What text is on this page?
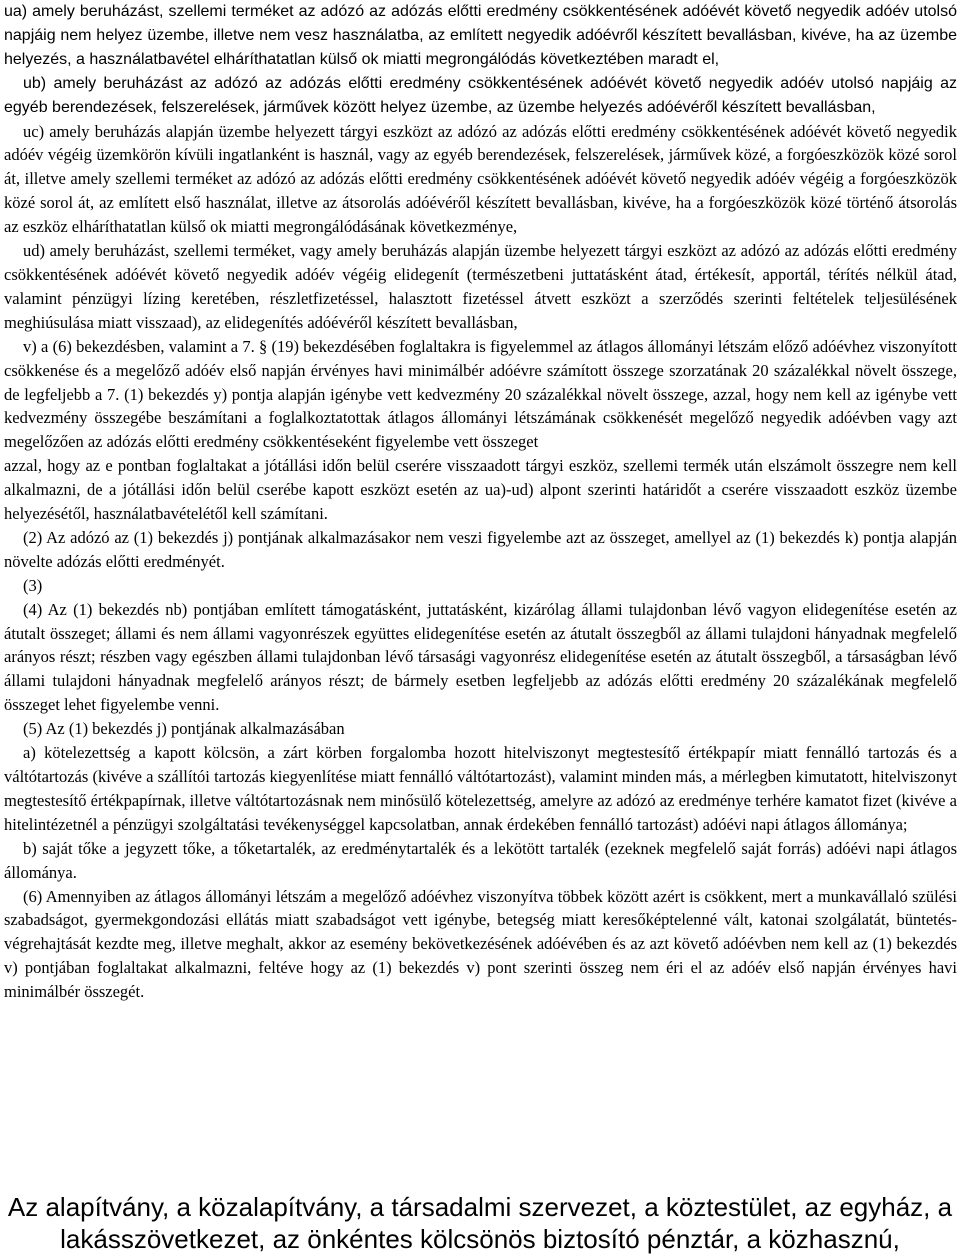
ua) amely beruházást, szellemi terméket az adózó az adózás előtti eredmény csökkentésének adóévét követő negyedik adóév utolsó napjáig nem helyez üzembe, illetve nem vesz használatba, az említett negyedik adóévről készített bevallásban, kivéve, ha az üzembe helyezés, a használatbavétel elháríthatatlan külső ok miatti megrongálódás következtében maradt el,

ub) amely beruházást az adózó az adózás előtti eredmény csökkentésének adóévét követő negyedik adóév utolsó napjáig az egyéb berendezések, felszerelések, járművek között helyez üzembe, az üzembe helyezés adóévéről készített bevallásban,

uc) amely beruházás alapján üzembe helyezett tárgyi eszközt az adózó az adózás előtti eredmény csökkentésének adóévét követő negyedik adóév végéig üzemkörön kívüli ingatlanként is használ, vagy az egyéb berendezések, felszerelések, járművek közé, a forgóeszközök közé sorol át, illetve amely szellemi terméket az adózó az adózás előtti eredmény csökkentésének adóévét követő negyedik adóév végéig a forgóeszközök közé sorol át, az említett első használat, illetve az átsorolás adóévéről készített bevallásban, kivéve, ha a forgóeszközök közé történő átsorolás az eszköz elháríthatatlan külső ok miatti megrongálódásának következménye,

ud) amely beruházást, szellemi terméket, vagy amely beruházás alapján üzembe helyezett tárgyi eszközt az adózó az adózás előtti eredmény csökkentésének adóévét követő negyedik adóév végéig elidegenít (természetbeni juttatásként átad, értékesít, apportál, térítés nélkül átad, valamint pénzügyi lízing keretében, részletfizetéssel, halasztott fizetéssel átvett eszközt a szerződés szerinti feltételek teljesülésének meghiúsulása miatt visszaad), az elidegenítés adóévéről készített bevallásban,

v) a (6) bekezdésben, valamint a 7. § (19) bekezdésében foglaltakra is figyelemmel az átlagos állományi létszám előző adóévhez viszonyított csökkenése és a megelőző adóév első napján érvényes havi minimálbér adóévre számított összege szorzatának 20 százalékkal növelt összege, de legfeljebb a 7. (1) bekezdés y) pontja alapján igénybe vett kedvezmény 20 százalékkal növelt összege, azzal, hogy nem kell az igénybe vett kedvezmény összegébe beszámítani a foglalkoztatottak átlagos állományi létszámának csökkenését megelőző negyedik adóévben vagy azt megelőzően az adózás előtti eredmény csökkentéseként figyelembe vett összeget

azzal, hogy az e pontban foglaltakat a jótállási időn belül cserére visszaadott tárgyi eszköz, szellemi termék után elszámolt összegre nem kell alkalmazni, de a jótállási időn belül cserébe kapott eszközt esetén az ua)-ud) alpont szerinti határidőt a cserére visszaadott eszköz üzembe helyezésétől, használatbavételétől kell számítani.

(2) Az adózó az (1) bekezdés j) pontjának alkalmazásakor nem veszi figyelembe azt az összeget, amellyel az (1) bekezdés k) pontja alapján növelte adózás előtti eredményét.

(3)

(4) Az (1) bekezdés nb) pontjában említett támogatásként, juttatásként, kizárólag állami tulajdonban lévő vagyon elidegenítése esetén az átutalt összeget; állami és nem állami vagyonrészek együttes elidegenítése esetén az átutalt összegből az állami tulajdoni hányadnak megfelelő arányos részt; részben vagy egészben állami tulajdonban lévő társasági vagyonrész elidegenítése esetén az átutalt összegből, a társaságban lévő állami tulajdoni hányadnak megfelelő arányos részt; de bármely esetben legfeljebb az adózás előtti eredmény 20 százalékának megfelelő összeget lehet figyelembe venni.

(5) Az (1) bekezdés j) pontjának alkalmazásában

a) kötelezettség a kapott kölcsön, a zárt körben forgalomba hozott hitelviszonyt megtestesítő értékpapír miatt fennálló tartozás és a váltótartozás (kivéve a szállítói tartozás kiegyenlítése miatt fennálló váltótartozást), valamint minden más, a mérlegben kimutatott, hitelviszonyt megtestesítő értékpapírnak, illetve váltótartozásnak nem minősülő kötelezettség, amelyre az adózó az eredménye terhére kamatot fizet (kivéve a hitelintézetnél a pénzügyi szolgáltatási tevékenységgel kapcsolatban, annak érdekében fennálló tartozást) adóévi napi átlagos állománya;

b) saját tőke a jegyzett tőke, a tőketartalék, az eredménytartalék és a lekötött tartalék (ezeknek megfelelő saját forrás) adóévi napi átlagos állománya.

(6) Amennyiben az átlagos állományi létszám a megelőző adóévhez viszonyítva többek között azért is csökkent, mert a munkavállaló szülési szabadságot, gyermekgondozási ellátás miatt szabadságot vett igénybe, betegség miatt keresőképtelenné vált, katonai szolgálatát, büntetés-végrehajtását kezdte meg, illetve meghalt, akkor az esemény bekövetkezésének adóévében és az azt követő adóévben nem kell az (1) bekezdés v) pontjában foglaltakat alkalmazni, feltéve hogy az (1) bekezdés v) pont szerinti összeg nem éri el az adóév első napján érvényes havi minimálbér összegét.

Az alapítvány, a közalapítvány, a társadalmi szervezet, a köztestület, az egyház, a
lakásszövetkezet, az önkéntes kölcsönös biztosító pénztár, a közhasznú,
